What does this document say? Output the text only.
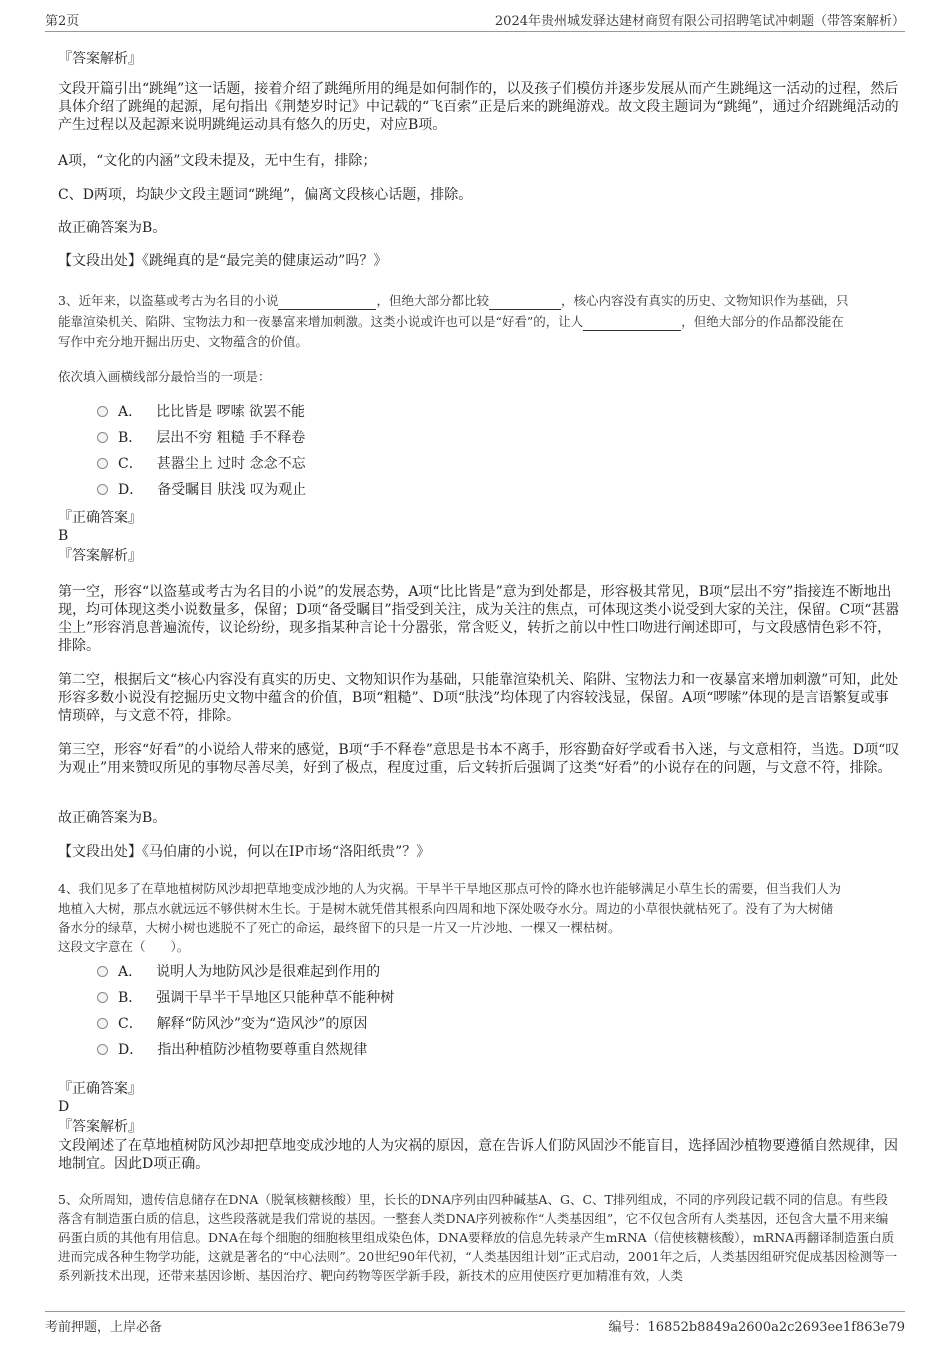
第2页	2024年贵州城发驿达建材商贸有限公司招聘笔试冲刺题（带答案解析）
『答案解析』

文段开篇引出“跳绳”这一话题，接着介绍了跳绳所用的绳是如何制作的，以及孩子们模仿并逐步发展从而产生跳绳这一活动的过程，然后具体介绍了跳绳的起源，尾句指出《荆楚岁时记》中记载的“飞百索”正是后来的跳绳游戏。故文段主题词为“跳绳”，通过介绍跳绳活动的产生过程以及起源来说明跳绳运动具有悠久的历史，对应B项。

A项，“文化的内涵”文段未提及，无中生有，排除；

C、D两项，均缺少文段主题词“跳绳”，偏离文段核心话题，排除。

故正确答案为B。

【文段出处】《跳绳真的是“最完美的健康运动”吗？》

3、近年来，以盗墓或考古为名目的小说	，但绝大部分都比较	，核心内容没有真实的历史、文物知识作为基础，只
能靠渲染机关、陷阱、宝物法力和一夜暴富来增加刺激。这类小说或许也可以是“好看”的，让人	，但绝大部分的作品都没能在
写作中充分地开掘出历史、文物蕴含的价值。
依次填入画横线部分最恰当的一项是：
A． 比比皆是 啰嗦 欲罢不能
B． 层出不穷 粗糙 手不释卷
C． 甚嚣尘上 过时 念念不忘
D． 备受瞩目 肤浅 叹为观止
『正确答案』
B
『答案解析』

第一空，形容“以盗墓或考古为名目的小说”的发展态势，A项“比比皆是”意为到处都是，形容极其常见，B项“层出不穷”指接连不断地出现，均可体现这类小说数量多，保留；D项“备受瞩目”指受到关注，成为关注的焦点，可体现这类小说受到大家的关注，保留。C项“甚嚣尘上”形容消息普遍流传，议论纷纷，现多指某种言论十分嚣张，常含贬义，转折之前以中性口吻进行阐述即可，与文段感情色彩不符，排除。

第二空，根据后文“核心内容没有真实的历史、文物知识作为基础，只能靠渲染机关、陷阱、宝物法力和一夜暴富来增加刺激”可知，此处形容多数小说没有挖掘历史文物中蕴含的价值，B项“粗糙”、D项“肤浅”均体现了内容较浅显，保留。A项“啰嗦”体现的是言语繁复或事情琐碎，与文意不符，排除。

第三空，形容“好看”的小说给人带来的感觉，B项“手不释卷”意思是书本不离手，形容勤奋好学或看书入迷，与文意相符，当选。D项“叹为观止”用来赞叹所见的事物尽善尽美，好到了极点，程度过重，后文转折后强调了这类“好看”的小说存在的问题，与文意不符，排除。

故正确答案为B。

【文段出处】《马伯庸的小说，何以在IP市场“洛阳纸贵”？》

4、我们见多了在草地植树防风沙却把草地变成沙地的人为灾祸。干旱半干旱地区那点可怜的降水也许能够满足小草生长的需要，但当我们人为
地植入大树，那点水就远远不够供树木生长。于是树木就凭借其根系向四周和地下深处吸夺水分。周边的小草很快就枯死了。没有了为大树储
备水分的绿草，大树小树也逃脱不了死亡的命运，最终留下的只是一片又一片沙地、一棵又一棵枯树。
这段文字意在（　　）。
A． 说明人为地防风沙是很难起到作用的
B． 强调干旱半干旱地区只能种草不能种树
C． 解释“防风沙”变为“造风沙”的原因
D． 指出种植防沙植物要尊重自然规律
『正确答案』
D
『答案解析』

文段阐述了在草地植树防风沙却把草地变成沙地的人为灾祸的原因，意在告诉人们防风固沙不能盲目，选择固沙植物要遵循自然规律，因地制宜。因此D项正确。

5、众所周知，遗传信息储存在DNA（脱氧核糖核酸）里，长长的DNA序列由四种碱基A、G、C、T排列组成，不同的序列段记载不同的信息。有些段落含有制造蛋白质的信息，这些段落就是我们常说的基因。一整套人类DNA序列被称作“人类基因组”，它不仅包含所有人类基因，还包含大量不用来编码蛋白质的其他有用信息。DNA在每个细胞的细胞核里组成染色体，DNA要释放的信息先转录产生mRNA（信使核糖核酸），mRNA再翻译制造蛋白质进而完成各种生物学功能，这就是著名的“中心法则”。20世纪90年代初，“人类基因组计划”正式启动，2001年之后，人类基因组研究促成基因检测等一系列新技术出现，还带来基因诊断、基因治疗、靶向药物等医学新手段，新技术的应用使医疗更加精准有效，人类

考前押题，上岸必备	编号：16852b8849a2600a2c2693ee1f863e79
